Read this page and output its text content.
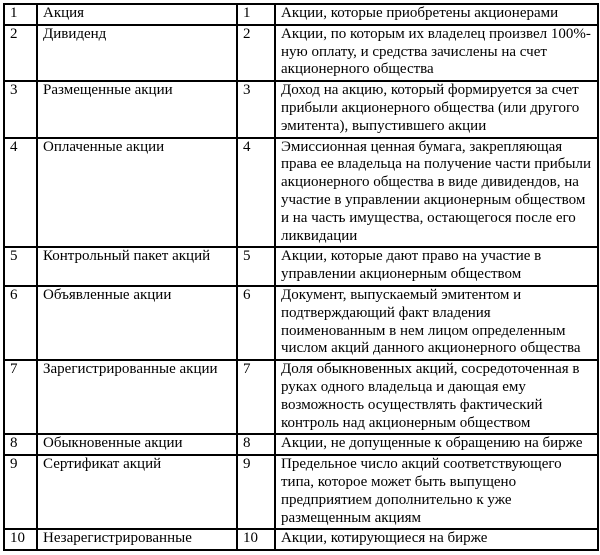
1	Акция	1	Акции, которые приобретены акционерами
2	Дивиденд	2	Акции, по которым их владелец произвел 100%-ную оплату, и средства зачислены на счет акционерного общества
3	Размещенные акции	3	Доход на акцию, который формируется за счет прибыли акционерного общества (или другого эмитента), выпустившего акции
4	Оплаченные акции	4	Эмиссионная ценная бумага, закрепляющая права ее владельца на получение части прибыли акционерного общества в виде дивидендов, на участие в управлении акционерным обществом и на часть имущества, остающегося после его ликвидации
5	Контрольный пакет акций	5	Акции, которые дают право на участие в управлении акционерным обществом
6	Объявленные акции	6	Документ, выпускаемый эмитентом и подтверждающий факт владения поименованным в нем лицом определенным числом акций данного акционерного общества
7	Зарегистрированные акции	7	Доля обыкновенных акций, сосредоточенная в руках одного владельца и дающая ему возможность осуществлять фактический контроль над акционерным обществом
8	Обыкновенные акции	8	Акции, не допущенные к обращению на бирже
9	Сертификат акций	9	Предельное число акций соответствующего типа, которое может быть выпущено предприятием дополнительно к уже размещенным акциям
10	Незарегистрированные	10	Акции, котирующиеся на бирже
